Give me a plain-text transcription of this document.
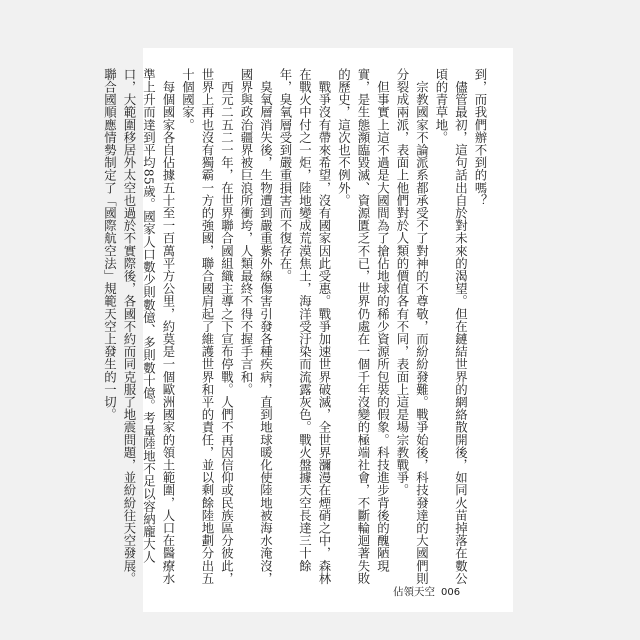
到，而我們辦不到的嗎？

　儘管最初，這句話出自於對未來的渴望。但在鏈結世界的網絡散開後，如同火苗掉落在數公頃的青草地。

　宗教國家不論派系都承受不了對神的不尊敬，而紛紛發難。戰爭始後，科技發達的大國們則分裂成兩派，表面上他們對於人類的價值各有不同，表面上這是場宗教戰爭。

　但事實上這不過是大國間為了搶佔地球的稀少資源所包裝的假象。科技進步背後的醜陋現實，是生態瀕臨毀滅、資源匱乏不已，世界仍處在一個千年沒變的極端社會，不斷輪迴著失敗的歷史，這次也不例外。

　戰爭沒有帶來希望，沒有國家因此受惠。戰爭加速世界破滅，全世界瀰漫在煙硝之中，森林在戰火中付之一炬，陸地變成荒漠焦土，海洋受汙染而流露灰色。戰火盤據天空長達三十餘年，臭氧層受到嚴重損害而不復存在。

　臭氧層消失後，生物遭到嚴重紫外線傷害引發各種疾病，直到地球暖化使陸地被海水淹沒，國界與政治疆界被巨浪所衝垮，人類最終不得不握手言和。

　西元二五二一年，在世界聯合國組織主導之下宣布停戰。人們不再因信仰或民族區分彼此，世界上再也沒有獨霸一方的強國，聯合國肩起了維護世界和平的責任，並以剩餘陸地劃分出五十個國家。

　每個國家各自佔據五十至一百萬平方公里，約莫是一個歐洲國家的領土範圍，人口在醫療水準上升而達到平均85歲。國家人口數少則數億、多則數十億。考量陸地不足以容納龐大人口，大範圍移居外太空也過於不實際後，各國不約而同克服了地震問題，並紛紛往天空發展。聯合國順應情勢制定了「國際航空法」規範天空上發生的一切。

佔領天空 006
